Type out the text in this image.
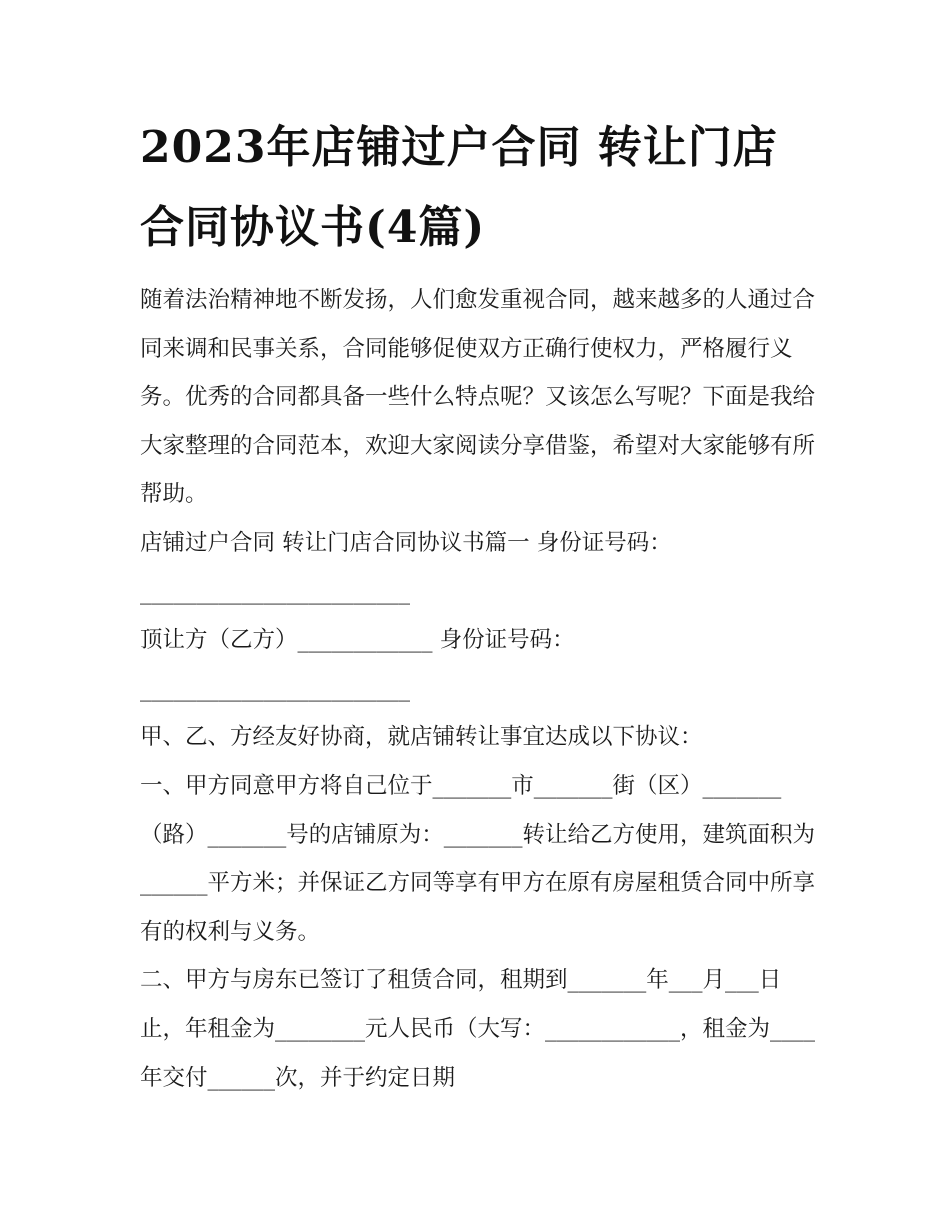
2023年店铺过户合同 转让门店合同协议书(4篇)

随着法治精神地不断发扬，人们愈发重视合同，越来越多的人通过合同来调和民事关系，合同能够促使双方正确行使权力，严格履行义务。优秀的合同都具备一些什么特点呢？又该怎么写呢？下面是我给大家整理的合同范本，欢迎大家阅读分享借鉴，希望对大家能够有所帮助。

店铺过户合同 转让门店合同协议书篇一 身份证号码：________________________

顶让方（乙方）____________ 身份证号码：________________________

甲、乙、方经友好协商，就店铺转让事宜达成以下协议：

一、甲方同意甲方将自己位于_______市_______街（区）_______（路）_______号的店铺原为：_______转让给乙方使用，建筑面积为______平方米；并保证乙方同等享有甲方在原有房屋租赁合同中所享有的权利与义务。

二、甲方与房东已签订了租赁合同，租期到_______年___月___日止，年租金为________元人民币（大写：____________，租金为____年交付______次，并于约定日期
